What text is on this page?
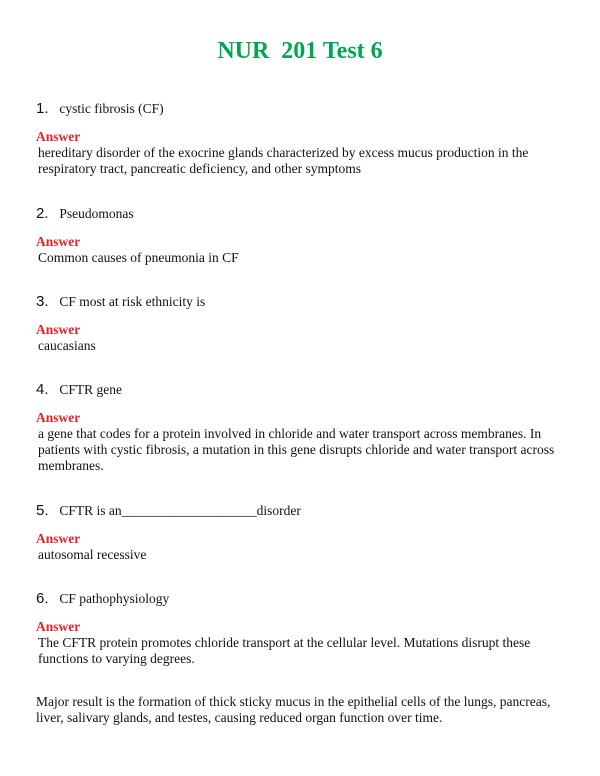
NUR  201 Test 6
1. cystic fibrosis (CF)
Answer
hereditary disorder of the exocrine glands characterized by excess mucus production in the respiratory tract, pancreatic deficiency, and other symptoms
2. Pseudomonas
Answer
Common causes of pneumonia in CF
3. CF most at risk ethnicity is
Answer
caucasians
4. CFTR gene
Answer
a gene that codes for a protein involved in chloride and water transport across membranes. In patients with cystic fibrosis, a mutation in this gene disrupts chloride and water transport across membranes.
5. CFTR is an____________________disorder
Answer
autosomal recessive
6. CF pathophysiology
Answer
The CFTR protein promotes chloride transport at the cellular level. Mutations disrupt these functions to varying degrees.
Major result is the formation of thick sticky mucus in the epithelial cells of the lungs, pancreas, liver, salivary glands, and testes, causing reduced organ function over time.
